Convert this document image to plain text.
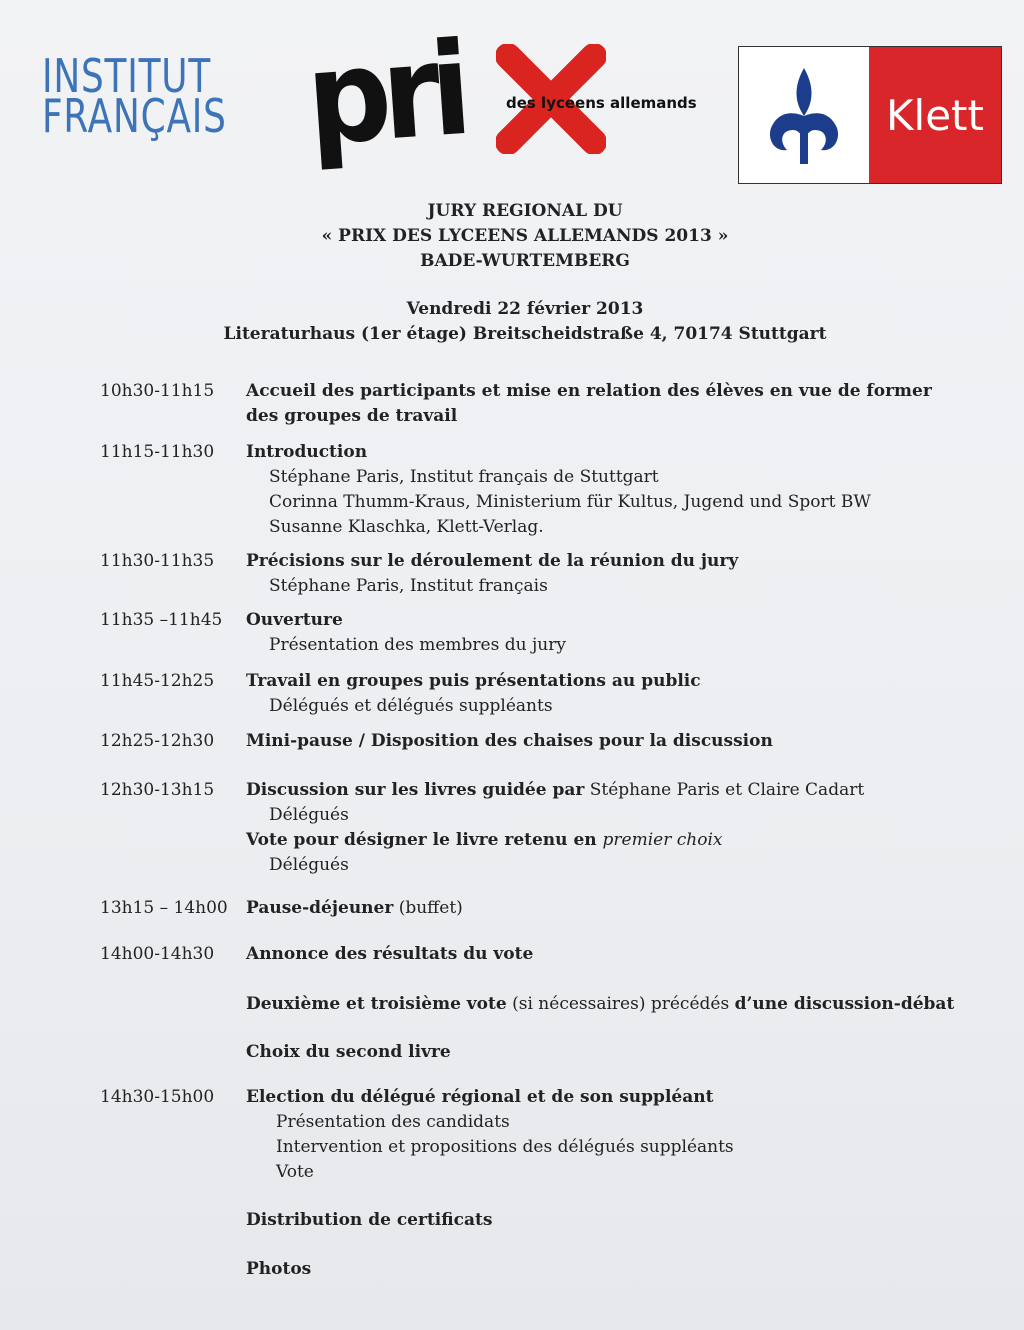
INSTITUT
FRANÇAIS pri	des lyceens allemands	Klett
JURY REGIONAL DU
« PRIX DES LYCEENS ALLEMANDS 2013 »
BADE-WURTEMBERG
Vendredi 22 février 2013
Literaturhaus (1er étage) Breitscheidstraße 4, 70174 Stuttgart
10h30-11h15	Accueil des participants et mise en relation des élèves en vue de former
des groupes de travail
11h15-11h30	Introduction
Stéphane Paris, Institut français de Stuttgart
Corinna Thumm-Kraus, Ministerium für Kultus, Jugend und Sport BW
Susanne Klaschka, Klett-Verlag.
11h30-11h35	Précisions sur le déroulement de la réunion du jury
Stéphane Paris, Institut français
11h35 –11h45	Ouverture
Présentation des membres du jury
11h45-12h25	Travail en groupes puis présentations au public
Délégués et délégués suppléants
12h25-12h30	Mini-pause / Disposition des chaises pour la discussion
12h30-13h15	Discussion sur les livres guidée par Stéphane Paris et Claire Cadart
Délégués
Vote pour désigner le livre retenu en premier choix
Délégués
13h15 – 14h00	Pause-déjeuner (buffet)
14h00-14h30	Annonce des résultats du vote
Deuxième et troisième vote (si nécessaires) précédés d’une discussion-débat
Choix du second livre
14h30-15h00	Election du délégué régional et de son suppléant
Présentation des candidats
Intervention et propositions des délégués suppléants
Vote
Distribution de certificats
Photos
